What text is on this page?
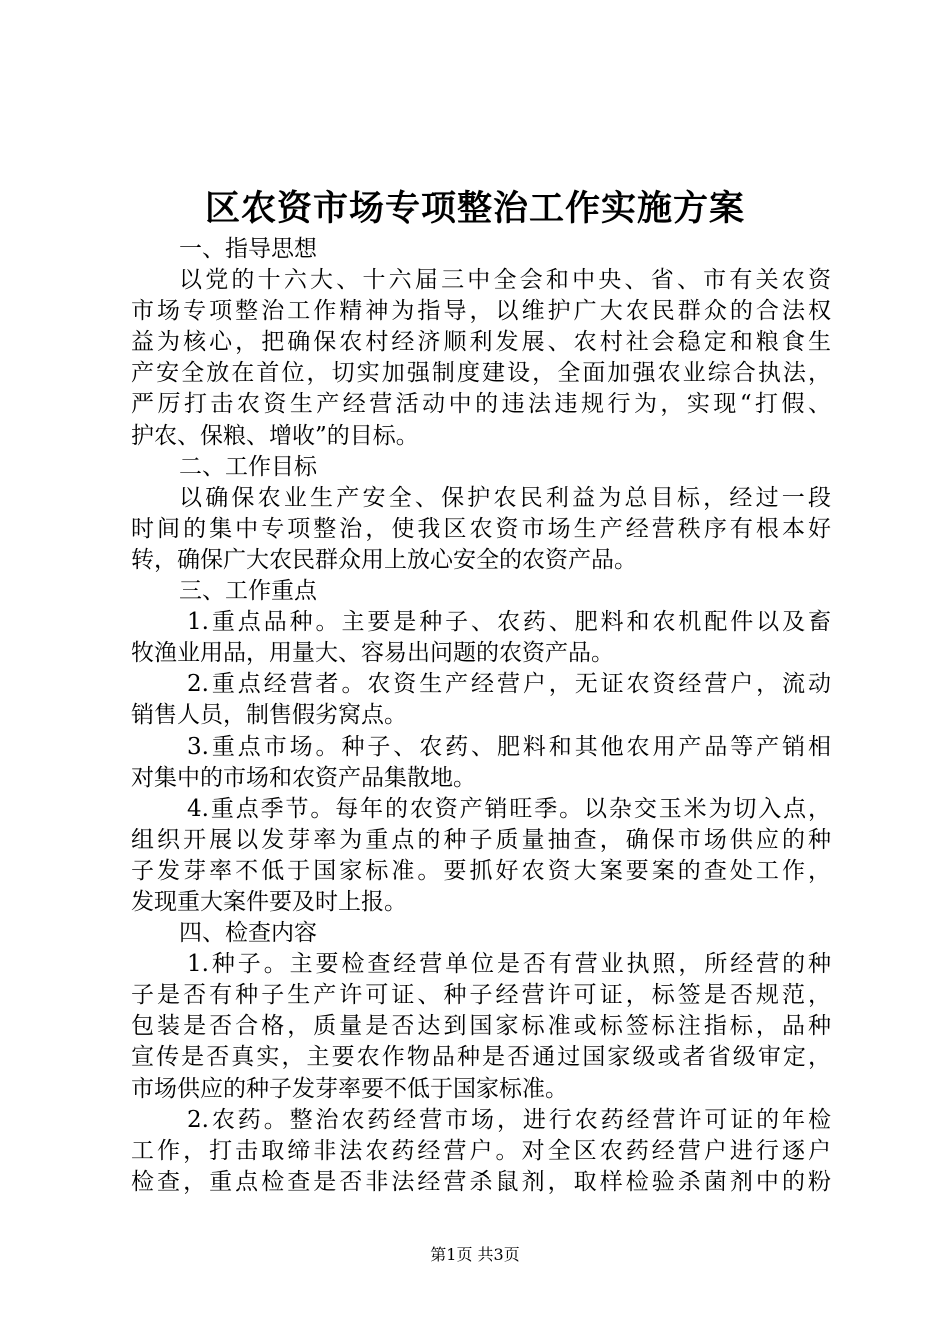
区农资市场专项整治工作实施方案
一、指导思想
以党的十六大、十六届三中全会和中央、省、市有关农资
市场专项整治工作精神为指导，以维护广大农民群众的合法权
益为核心，把确保农村经济顺利发展、农村社会稳定和粮食生
产安全放在首位，切实加强制度建设，全面加强农业综合执法，
严厉打击农资生产经营活动中的违法违规行为，实现“打假、
护农、保粮、增收”的目标。
二、工作目标
以确保农业生产安全、保护农民利益为总目标，经过一段
时间的集中专项整治，使我区农资市场生产经营秩序有根本好
转，确保广大农民群众用上放心安全的农资产品。
三、工作重点
1.重点品种。主要是种子、农药、肥料和农机配件以及畜
牧渔业用品，用量大、容易出问题的农资产品。
2.重点经营者。农资生产经营户，无证农资经营户，流动
销售人员，制售假劣窝点。
3.重点市场。种子、农药、肥料和其他农用产品等产销相
对集中的市场和农资产品集散地。
4.重点季节。每年的农资产销旺季。以杂交玉米为切入点，
组织开展以发芽率为重点的种子质量抽查，确保市场供应的种
子发芽率不低于国家标准。要抓好农资大案要案的查处工作，
发现重大案件要及时上报。
四、检查内容
1.种子。主要检查经营单位是否有营业执照，所经营的种
子是否有种子生产许可证、种子经营许可证，标签是否规范，
包装是否合格，质量是否达到国家标准或标签标注指标，品种
宣传是否真实，主要农作物品种是否通过国家级或者省级审定，
市场供应的种子发芽率要不低于国家标准。
2.农药。整治农药经营市场，进行农药经营许可证的年检
工作，打击取缔非法农药经营户。对全区农药经营户进行逐户
检查，重点检查是否非法经营杀鼠剂，取样检验杀菌剂中的粉
第1页 共3页
